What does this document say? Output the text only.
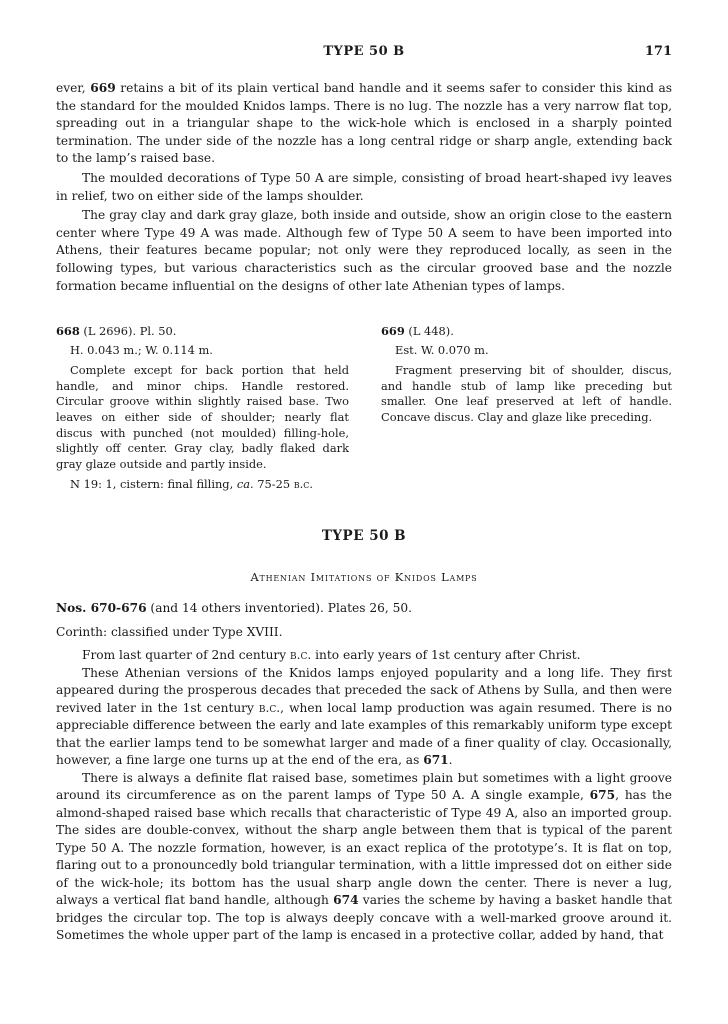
TYPE 50 B	171

ever, 669 retains a bit of its plain vertical band handle and it seems safer to consider this kind as the standard for the moulded Knidos lamps. There is no lug. The nozzle has a very narrow flat top, spreading out in a triangular shape to the wick-hole which is enclosed in a sharply pointed termination. The under side of the nozzle has a long central ridge or sharp angle, extending back to the lamp’s raised base.

The moulded decorations of Type 50 A are simple, consisting of broad heart-shaped ivy leaves in relief, two on either side of the lamps shoulder.

The gray clay and dark gray glaze, both inside and outside, show an origin close to the eastern center where Type 49 A was made. Although few of Type 50 A seem to have been imported into Athens, their features became popular; not only were they reproduced locally, as seen in the following types, but various characteristics such as the circular grooved base and the nozzle formation became influential on the designs of other late Athenian types of lamps.

668 (L 2696). Pl. 50.

H. 0.043 m.; W. 0.114 m.

Complete except for back portion that held handle, and minor chips. Handle restored. Circular groove within slightly raised base. Two leaves on either side of shoulder; nearly flat discus with punched (not moulded) filling-hole, slightly off center. Gray clay, badly flaked dark gray glaze outside and partly inside.

N 19: 1, cistern: final filling, ca. 75-25 b.c.

669 (L 448).

Est. W. 0.070 m.

Fragment preserving bit of shoulder, discus, and handle stub of lamp like preceding but smaller. One leaf preserved at left of handle. Concave discus. Clay and glaze like preceding.

TYPE 50 B
Athenian Imitations of Knidos Lamps

Nos. 670-676 (and 14 others inventoried). Plates 26, 50.

Corinth: classified under Type XVIII.

From last quarter of 2nd century b.c. into early years of 1st century after Christ.

These Athenian versions of the Knidos lamps enjoyed popularity and a long life. They first appeared during the prosperous decades that preceded the sack of Athens by Sulla, and then were revived later in the 1st century b.c., when local lamp production was again resumed. There is no appreciable difference between the early and late examples of this remarkably uniform type except that the earlier lamps tend to be somewhat larger and made of a finer quality of clay. Occasionally, however, a fine large one turns up at the end of the era, as 671.

There is always a definite flat raised base, sometimes plain but sometimes with a light groove around its circumference as on the parent lamps of Type 50 A. A single example, 675, has the almond-shaped raised base which recalls that characteristic of Type 49 A, also an imported group. The sides are double-convex, without the sharp angle between them that is typical of the parent Type 50 A. The nozzle formation, however, is an exact replica of the prototype’s. It is flat on top, flaring out to a pronouncedly bold triangular termination, with a little impressed dot on either side of the wick-hole; its bottom has the usual sharp angle down the center. There is never a lug, always a vertical flat band handle, although 674 varies the scheme by having a basket handle that bridges the circular top. The top is always deeply concave with a well-marked groove around it. Sometimes the whole upper part of the lamp is encased in a protective collar, added by hand, that
